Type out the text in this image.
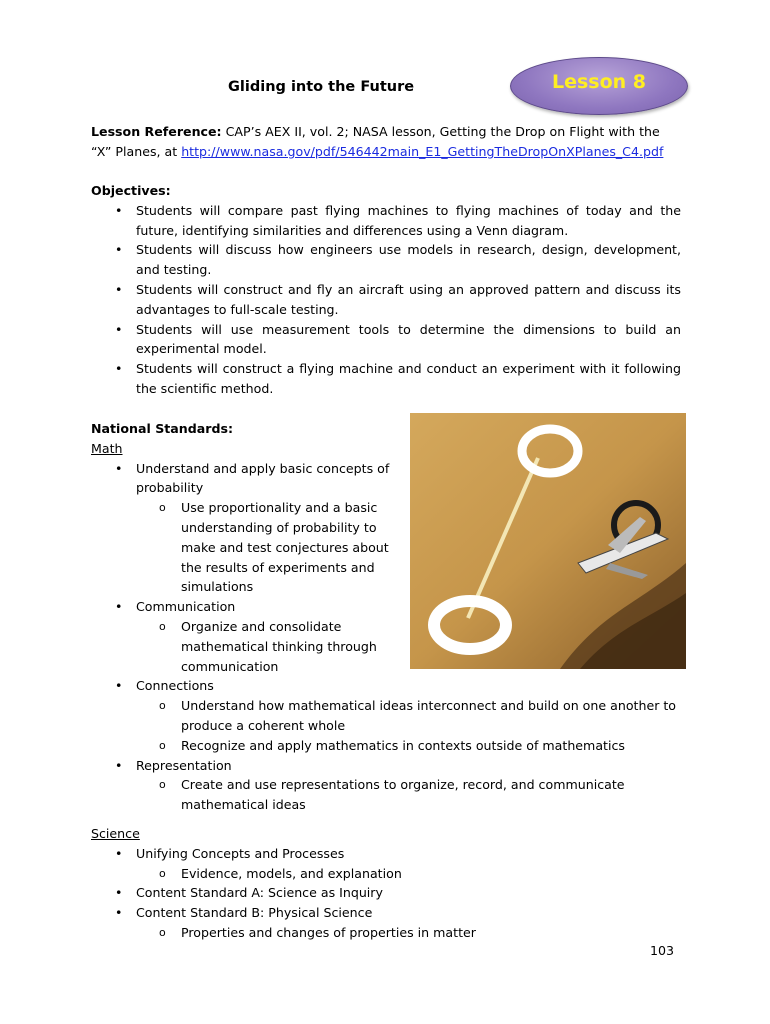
Gliding into the Future	Lesson 8
Lesson Reference: CAP’s AEX II, vol. 2; NASA lesson, Getting the Drop on Flight with the “X” Planes, at http://www.nasa.gov/pdf/546442main_E1_GettingTheDropOnXPlanes_C4.pdf
Objectives:
• Students will compare past flying machines to flying machines of today and the future, identifying similarities and differences using a Venn diagram.
• Students will discuss how engineers use models in research, design, development, and testing.
• Students will construct and fly an aircraft using an approved pattern and discuss its advantages to full-scale testing.
• Students will use measurement tools to determine the dimensions to build an experimental model.
• Students will construct a flying machine and conduct an experiment with it following the scientific method.
National Standards:
Math
• Understand and apply basic concepts of probability
o Use proportionality and a basic understanding of probability to make and test conjectures about the results of experiments and simulations
• Communication
o Organize and consolidate mathematical thinking through communication
• Connections
o Understand how mathematical ideas interconnect and build on one another to produce a coherent whole
o Recognize and apply mathematics in contexts outside of mathematics
• Representation
o Create and use representations to organize, record, and communicate mathematical ideas
Science
• Unifying Concepts and Processes
o Evidence, models, and explanation
• Content Standard A: Science as Inquiry
• Content Standard B: Physical Science
o Properties and changes of properties in matter
103
